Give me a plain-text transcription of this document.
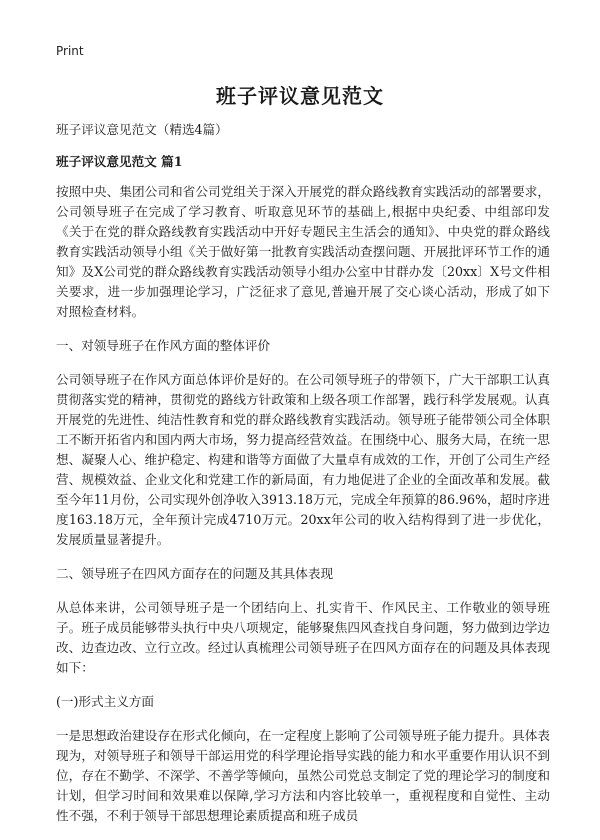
Print
班子评议意见范文

班子评议意见范文（精选4篇）

班子评议意见范文 篇1

按照中央、集团公司和省公司党组关于深入开展党的群众路线教育实践活动的部署要求，公司领导班子在完成了学习教育、听取意见环节的基础上,根据中央纪委、中组部印发《关于在党的群众路线教育实践活动中开好专题民主生活会的通知》、中央党的群众路线教育实践活动领导小组《关于做好第一批教育实践活动查摆问题、开展批评环节工作的通知》及X公司党的群众路线教育实践活动领导小组办公室中甘群办发〔20xx〕X号文件相关要求，进一步加强理论学习，广泛征求了意见,普遍开展了交心谈心活动，形成了如下对照检查材料。

一、对领导班子在作风方面的整体评价

公司领导班子在作风方面总体评价是好的。在公司领导班子的带领下，广大干部职工认真贯彻落实党的精神，贯彻党的路线方针政策和上级各项工作部署，践行科学发展观。认真开展党的先进性、纯洁性教育和党的群众路线教育实践活动。领导班子能带领公司全体职工不断开拓省内和国内两大市场，努力提高经营效益。在围绕中心、服务大局，在统一思想、凝聚人心、维护稳定、构建和谐等方面做了大量卓有成效的工作，开创了公司生产经营、规模效益、企业文化和党建工作的新局面，有力地促进了企业的全面改革和发展。截至今年11月份，公司实现外创净收入3913.18万元，完成全年预算的86.96%，超时序进度163.18万元，全年预计完成4710万元。20xx年公司的收入结构得到了进一步优化，发展质量显著提升。

二、领导班子在四风方面存在的问题及其具体表现

从总体来讲，公司领导班子是一个团结向上、扎实肯干、作风民主、工作敬业的领导班子。班子成员能够带头执行中央八项规定，能够聚焦四风查找自身问题，努力做到边学边改、边查边改、立行立改。经过认真梳理公司领导班子在四风方面存在的问题及具体表现如下：

(一)形式主义方面

一是思想政治建设存在形式化倾向，在一定程度上影响了公司领导班子能力提升。具体表现为，对领导班子和领导干部运用党的科学理论指导实践的能力和水平重要作用认识不到位，存在不勤学、不深学、不善学等倾向，虽然公司党总支制定了党的理论学习的制度和计划，但学习时间和效果难以保障,学习方法和内容比较单一，重视程度和自觉性、主动性不强，不利于领导干部思想理论素质提高和班子成员
